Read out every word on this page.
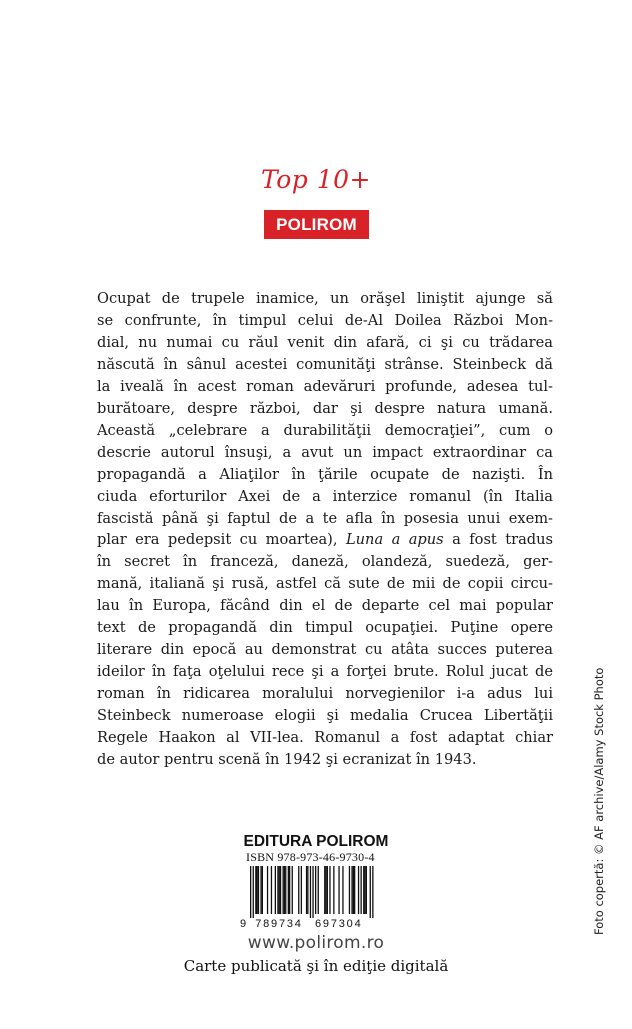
Top 10+
POLIROM
Ocupat de trupele inamice, un orăşel liniştit ajunge să
se confrunte, în timpul celui de-Al Doilea Război Mon-
dial, nu numai cu răul venit din afară, ci şi cu trădarea
născută în sânul acestei comunităţi strânse. Steinbeck dă
la iveală în acest roman adevăruri profunde, adesea tul-
burătoare, despre război, dar şi despre natura umană.
Această „celebrare a durabilităţii democraţiei”, cum o
descrie autorul însuşi, a avut un impact extraordinar ca
propagandă a Aliaţilor în ţările ocupate de nazişti. În
ciuda eforturilor Axei de a interzice romanul (în Italia
fascistă până şi faptul de a te afla în posesia unui exem-
plar era pedepsit cu moartea), Luna a apus a fost tradus
în secret în franceză, daneză, olandeză, suedeză, ger-
mană, italiană şi rusă, astfel că sute de mii de copii circu-
lau în Europa, făcând din el de departe cel mai popular
text de propagandă din timpul ocupaţiei. Puţine opere
literare din epocă au demonstrat cu atâta succes puterea
ideilor în faţa oţelului rece şi a forţei brute. Rolul jucat de
roman în ridicarea moralului norvegienilor i-a adus lui
Steinbeck numeroase elogii şi medalia Crucea Libertăţii
Regele Haakon al VII-lea. Romanul a fost adaptat chiar
de autor pentru scenă în 1942 şi ecranizat în 1943.
EDITURA POLIROM
ISBN 978-973-46-9730-4
9 789734 697304
www.polirom.ro
Carte publicată şi în ediţie digitală
Foto copertă: © AF archive/Alamy Stock Photo
